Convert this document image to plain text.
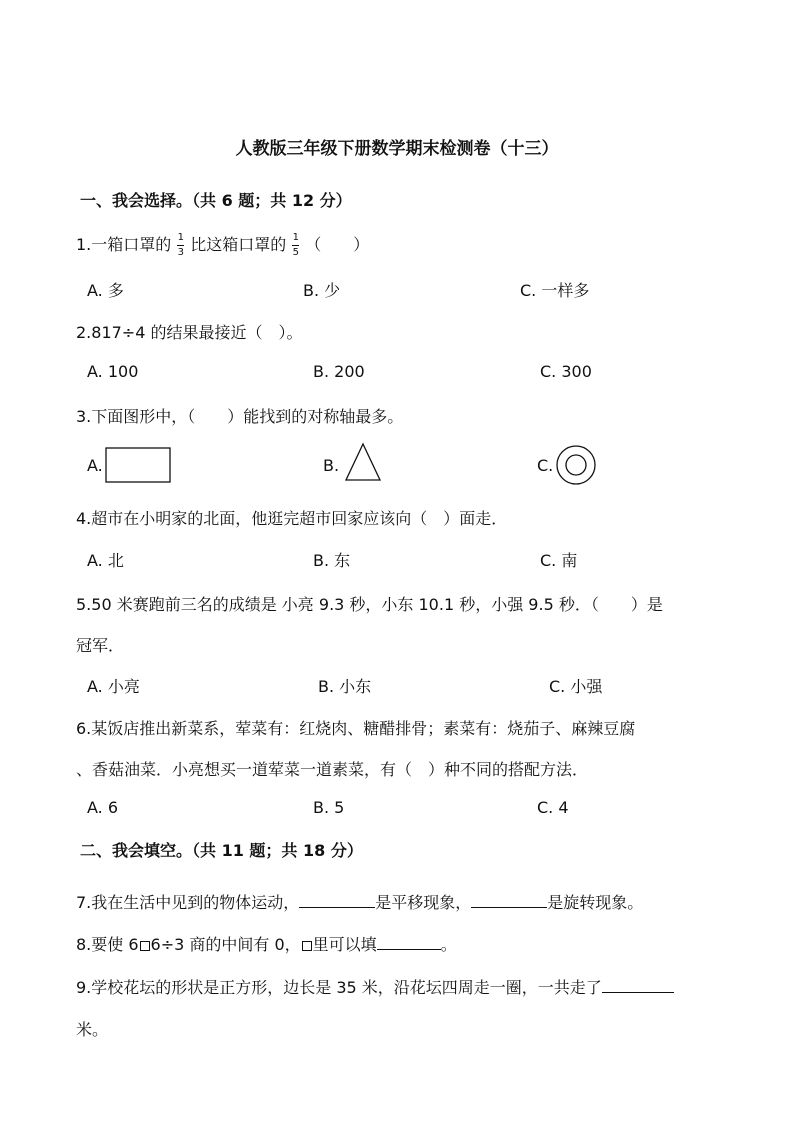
人教版三年级下册数学期末检测卷（十三）
一、我会选择。（共 6 题；共 12 分）
1.一箱口罩的 $\frac{1}{3}$ 比这箱口罩的 $\frac{1}{5}$ （　　）
A. 多	B. 少	C. 一样多
2.817÷4 的结果最接近（　）。
A. 100	B. 200	C. 300
3.下面图形中，（　　）能找到的对称轴最多。
A.	B.	C.
4.超市在小明家的北面，他逛完超市回家应该向（　）面走．
A. 北	B. 东	C. 南
5.50 米赛跑前三名的成绩是 小亮 9.3 秒，小东 10.1 秒，小强 9.5 秒．（　　）是
冠军．
A. 小亮	B. 小东	C. 小强
6.某饭店推出新菜系，荤菜有：红烧肉、糖醋排骨；素菜有：烧茄子、麻辣豆腐
、香菇油菜．小亮想买一道荤菜一道素菜，有（　）种不同的搭配方法．
A. 6	B. 5	C. 4
二、我会填空。（共 11 题；共 18 分）
7.我在生活中见到的物体运动，	是平移现象，	是旋转现象。
8.要使 6 6÷3 商的中间有 0， 里可以填	。
9.学校花坛的形状是正方形，边长是 35 米，沿花坛四周走一圈，一共走了
米。
